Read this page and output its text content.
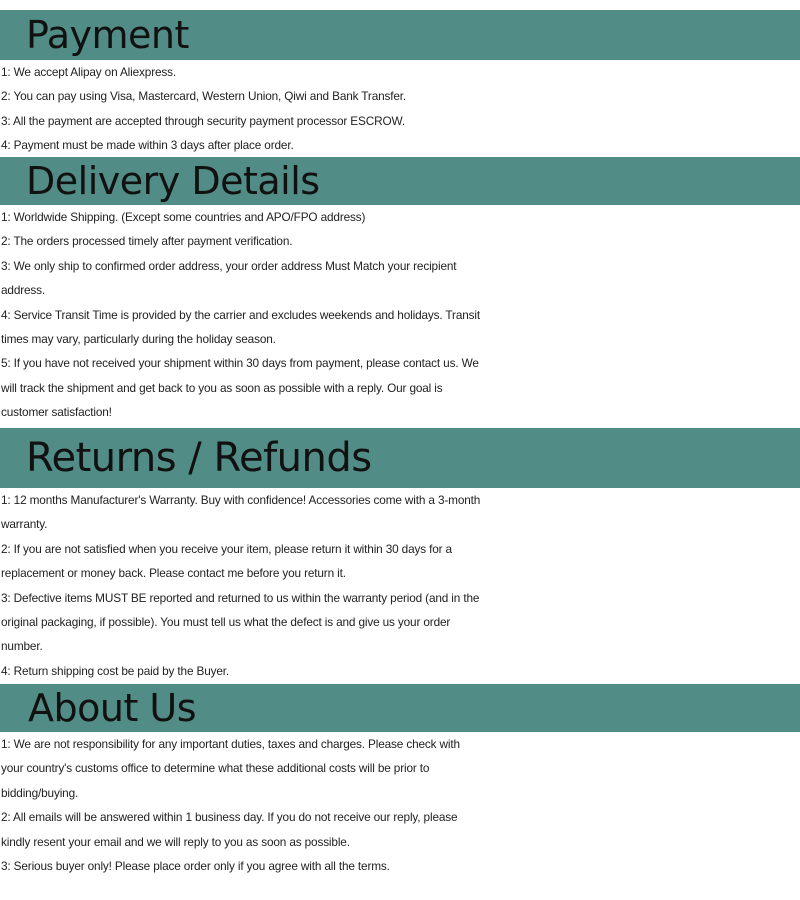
Payment
1: We accept Alipay on Aliexpress.
2: You can pay using Visa, Mastercard, Western Union, Qiwi and Bank Transfer.
3: All the payment are accepted through security payment processor ESCROW.
4: Payment must be made within 3 days after place order.
Delivery Details
1: Worldwide Shipping. (Except some countries and APO/FPO address)
2: The orders processed timely after payment verification.
3: We only ship to confirmed order address, your order address Must Match your recipient
address.
4: Service Transit Time is provided by the carrier and excludes weekends and holidays. Transit
times may vary, particularly during the holiday season.
5: If you have not received your shipment within 30 days from payment, please contact us. We
will track the shipment and get back to you as soon as possible with a reply. Our goal is
customer satisfaction!
Returns / Refunds
1: 12 months Manufacturer's Warranty. Buy with confidence! Accessories come with a 3-month
warranty.
2: If you are not satisfied when you receive your item, please return it within 30 days for a
replacement or money back. Please contact me before you return it.
3: Defective items MUST BE reported and returned to us within the warranty period (and in the
original packaging, if possible). You must tell us what the defect is and give us your order
number.
4: Return shipping cost be paid by the Buyer.
About Us
1: We are not responsibility for any important duties, taxes and charges. Please check with
your country's customs office to determine what these additional costs will be prior to
bidding/buying.
2: All emails will be answered within 1 business day. If you do not receive our reply, please
kindly resent your email and we will reply to you as soon as possible.
3: Serious buyer only! Please place order only if you agree with all the terms.
